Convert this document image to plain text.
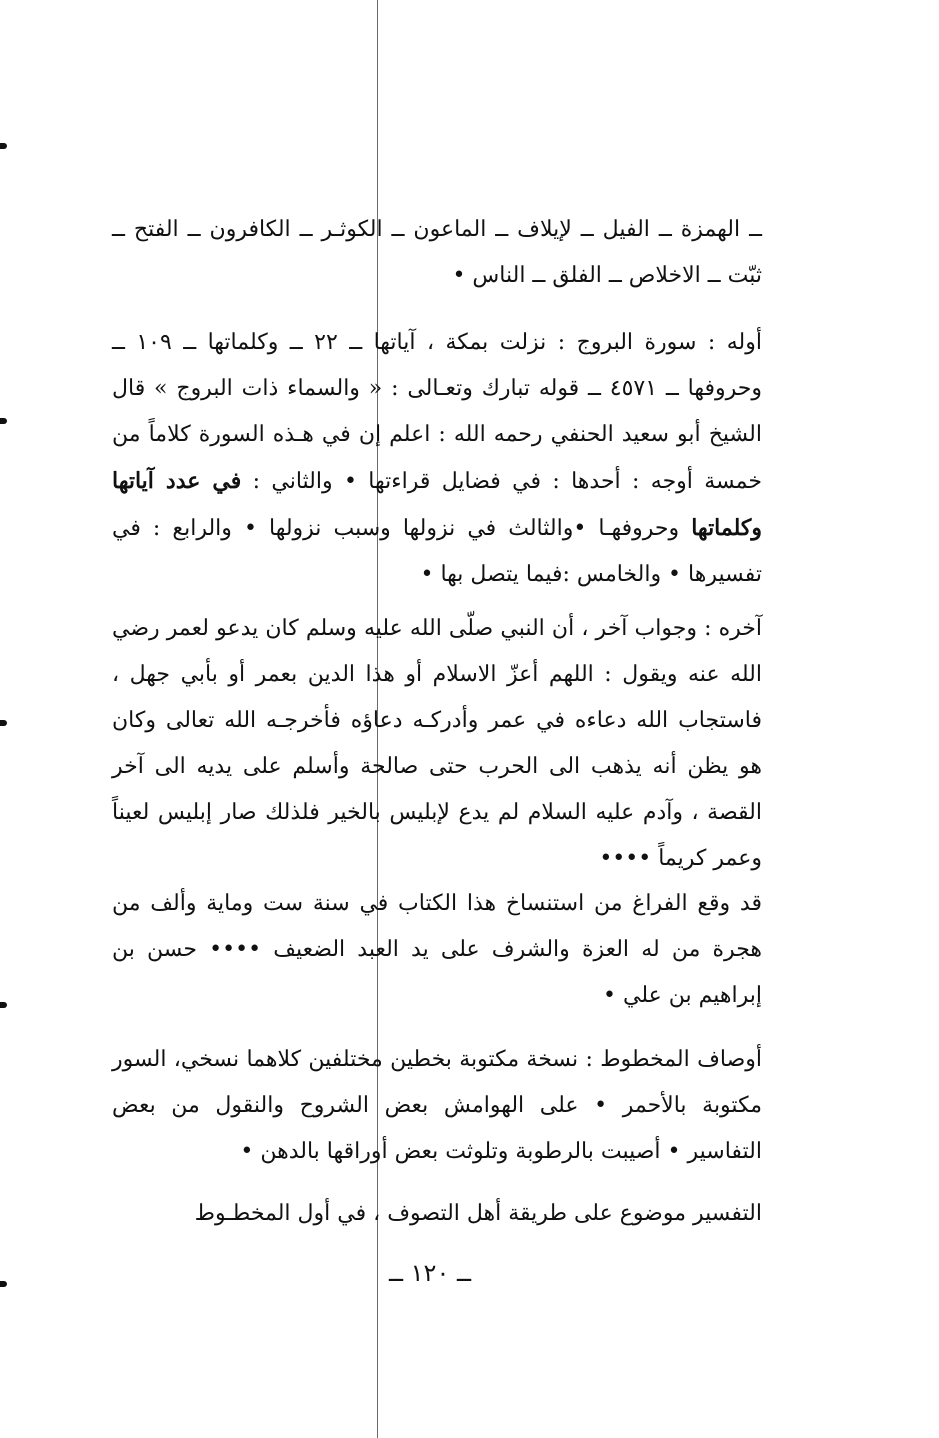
ــ الهمزة ــ الفيل ــ لإيلاف ــ الماعون ــ الكوثـر ــ الكافرون ــ الفتح ــ ثبّت ــ الاخلاص ــ الفلق ــ الناس •

أوله : سورة البروج : نزلت بمكة ، آياتها ــ ٢٢ ــ وكلماتها ــ ١٠٩ ــ وحروفها ــ ٤٥٧١ ــ قوله تبارك وتعـالى : « والسماء ذات البروج » قال الشيخ أبو سعيد الحنفي رحمه الله : اعلم إن في هـذه السورة كلاماً من خمسة أوجه : أحدها : في فضايل قراءتها • والثاني : في عدد آياتها وكلماتها وحروفهـا •والثالث في نزولها وسبب نزولها • والرابع : في تفسيرها • والخامس :فيما يتصل بها •

آخره : وجواب آخر ، أن النبي صلّى الله عليه وسلم كان يدعو لعمر رضي الله عنه ويقول : اللهم أعزّ الاسلام أو هذا الدين بعمر أو بأبي جهل ، فاستجاب الله دعاءه في عمر وأدركـه دعاؤه فأخرجـه الله تعالى وكان هو يظن أنه يذهب الى الحرب حتى صالحة وأسلم على يديه الى آخر القصة ، وآدم عليه السلام لم يدع لإبليس بالخير فلذلك صار إبليس لعيناً وعمر كريماً ••••

قد وقع الفراغ من استنساخ هذا الكتاب في سنة ست وماية وألف من هجرة من له العزة والشرف على يد العبد الضعيف •••• حسن بن إبراهيم بن علي •

أوصاف المخطوط : نسخة مكتوبة بخطين مختلفين كلاهما نسخي، السور مكتوبة بالأحمر • على الهوامش بعض الشروح والنقول من بعض التفاسير • أصيبت بالرطوبة وتلوثت بعض أوراقها بالدهن •

التفسير موضوع على طريقة أهل التصوف ، في أول المخطـوط

ــ ١٢٠ ــ
